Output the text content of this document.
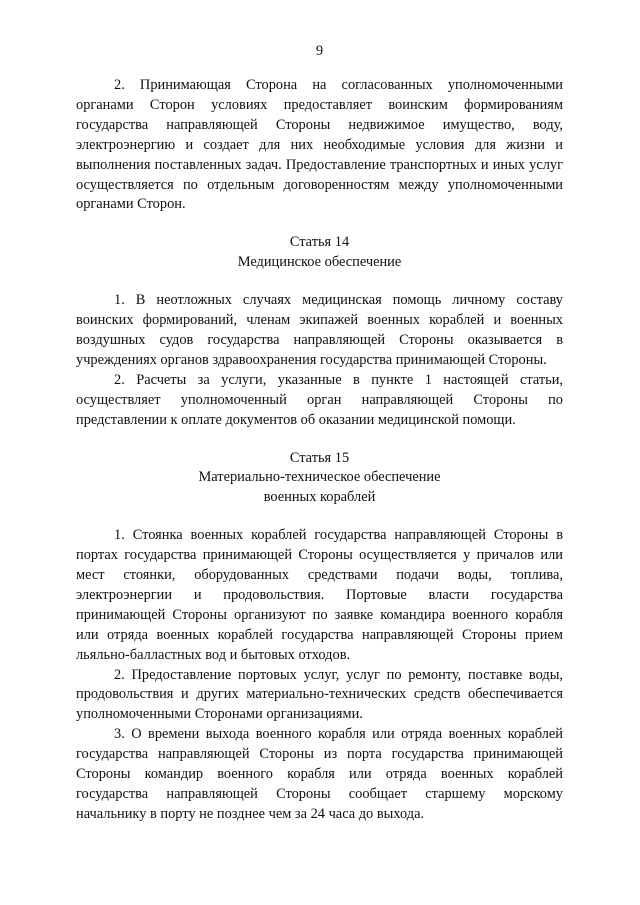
9

2. Принимающая Сторона на согласованных уполномоченными органами Сторон условиях предоставляет воинским формированиям государства направляющей Стороны недвижимое имущество, воду, электроэнергию и создает для них необходимые условия для жизни и выполнения поставленных задач. Предоставление транспортных и иных услуг осуществляется по отдельным договоренностям между уполномоченными органами Сторон.

Статья 14
Медицинское обеспечение

1. В неотложных случаях медицинская помощь личному составу воинских формирований, членам экипажей военных кораблей и военных воздушных судов государства направляющей Стороны оказывается в учреждениях органов здравоохранения государства принимающей Стороны.

2. Расчеты за услуги, указанные в пункте 1 настоящей статьи, осуществляет уполномоченный орган направляющей Стороны по представлении к оплате документов об оказании медицинской помощи.

Статья 15
Материально-техническое обеспечение
военных кораблей

1. Стоянка военных кораблей государства направляющей Стороны в портах государства принимающей Стороны осуществляется у причалов или мест стоянки, оборудованных средствами подачи воды, топлива, электроэнергии и продовольствия. Портовые власти государства принимающей Стороны организуют по заявке командира военного корабля или отряда военных кораблей государства направляющей Стороны прием льяльно-балластных вод и бытовых отходов.

2. Предоставление портовых услуг, услуг по ремонту, поставке воды, продовольствия и других материально-технических средств обеспечивается уполномоченными Сторонами организациями.

3. О времени выхода военного корабля или отряда военных кораблей государства направляющей Стороны из порта государства принимающей Стороны командир военного корабля или отряда военных кораблей государства направляющей Стороны сообщает старшему морскому начальнику в порту не позднее чем за 24 часа до выхода.
